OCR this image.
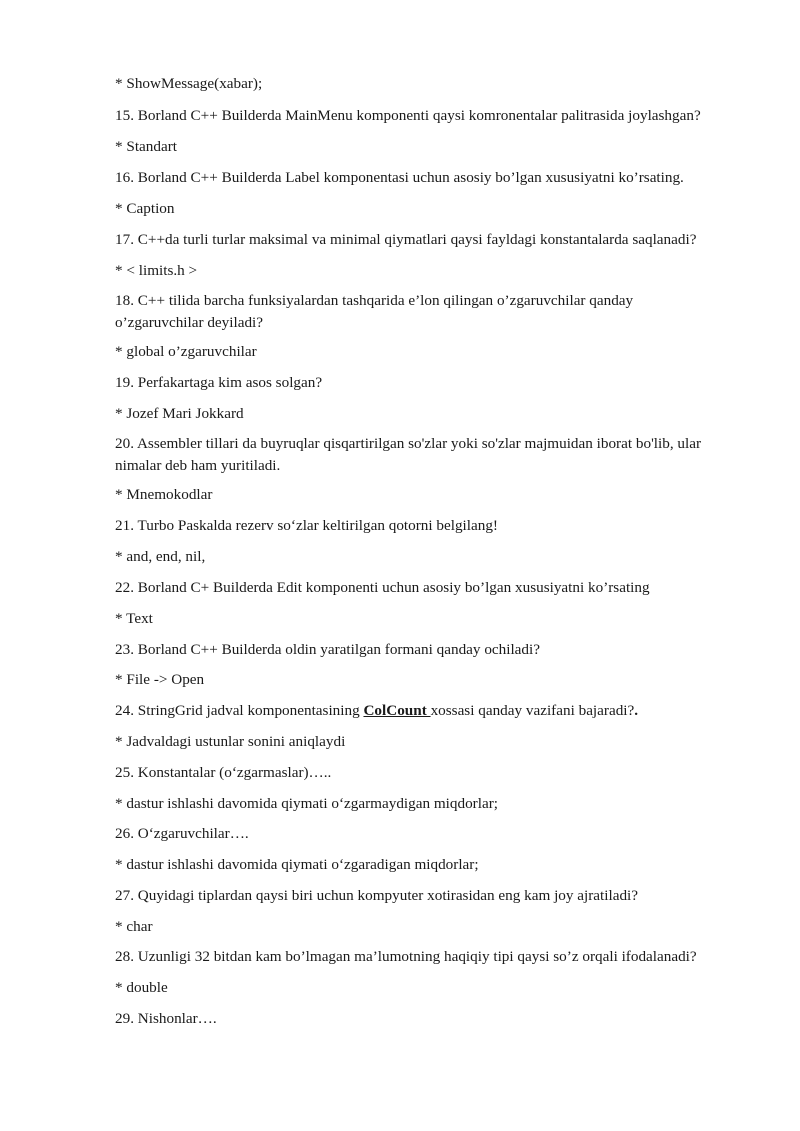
* ShowMessage(xabar);
15. Borland C++ Builderda MainMenu komponenti qaysi komronentalar palitrasida joylashgan?
* Standart
16. Borland C++ Builderda Label komponentasi uchun asosiy bo’lgan xususiyatni ko’rsating.
* Caption
17. C++da turli turlar maksimal va minimal qiymatlari qaysi fayldagi konstantalarda saqlanadi?
* < limits.h >
18. C++ tilida barcha funksiyalardan tashqarida e’lon qilingan o’zgaruvchilar qanday o’zgaruvchilar deyiladi?
* global o’zgaruvchilar
19. Perfakartaga kim asos solgan?
* Jozef Mari Jokkard
20. Assembler tillari da buyruqlar qisqartirilgan so'zlar yoki so'zlar majmuidan iborat bo'lib, ular nimalar deb ham yuritiladi.
* Mnemokodlar
21. Turbo Paskalda rezerv so‘zlar keltirilgan qotorni belgilang!
* and, end, nil,
22. Borland C+ Builderda Edit komponenti uchun asosiy bo’lgan xususiyatni ko’rsating
* Text
23. Borland C++ Builderda oldin yaratilgan formani qanday ochiladi?
* File -> Open
24. StringGrid jadval komponentasining ColCount xossasi qanday vazifani bajaradi?.
* Jadvaldagi ustunlar sonini aniqlaydi
25. Konstantalar (o‘zgarmaslar)…..
* dastur ishlashi davomida qiymati o‘zgarmaydigan miqdorlar;
26. O‘zgaruvchilar….
* dastur ishlashi davomida qiymati o‘zgaradigan miqdorlar;
27. Quyidagi tiplardan qaysi biri uchun kompyuter xotirasidan eng kam joy ajratiladi?
* char
28. Uzunligi 32 bitdan kam bo’lmagan ma’lumotning haqiqiy tipi qaysi so’z orqali ifodalanadi?
* double
29. Nishonlar….
